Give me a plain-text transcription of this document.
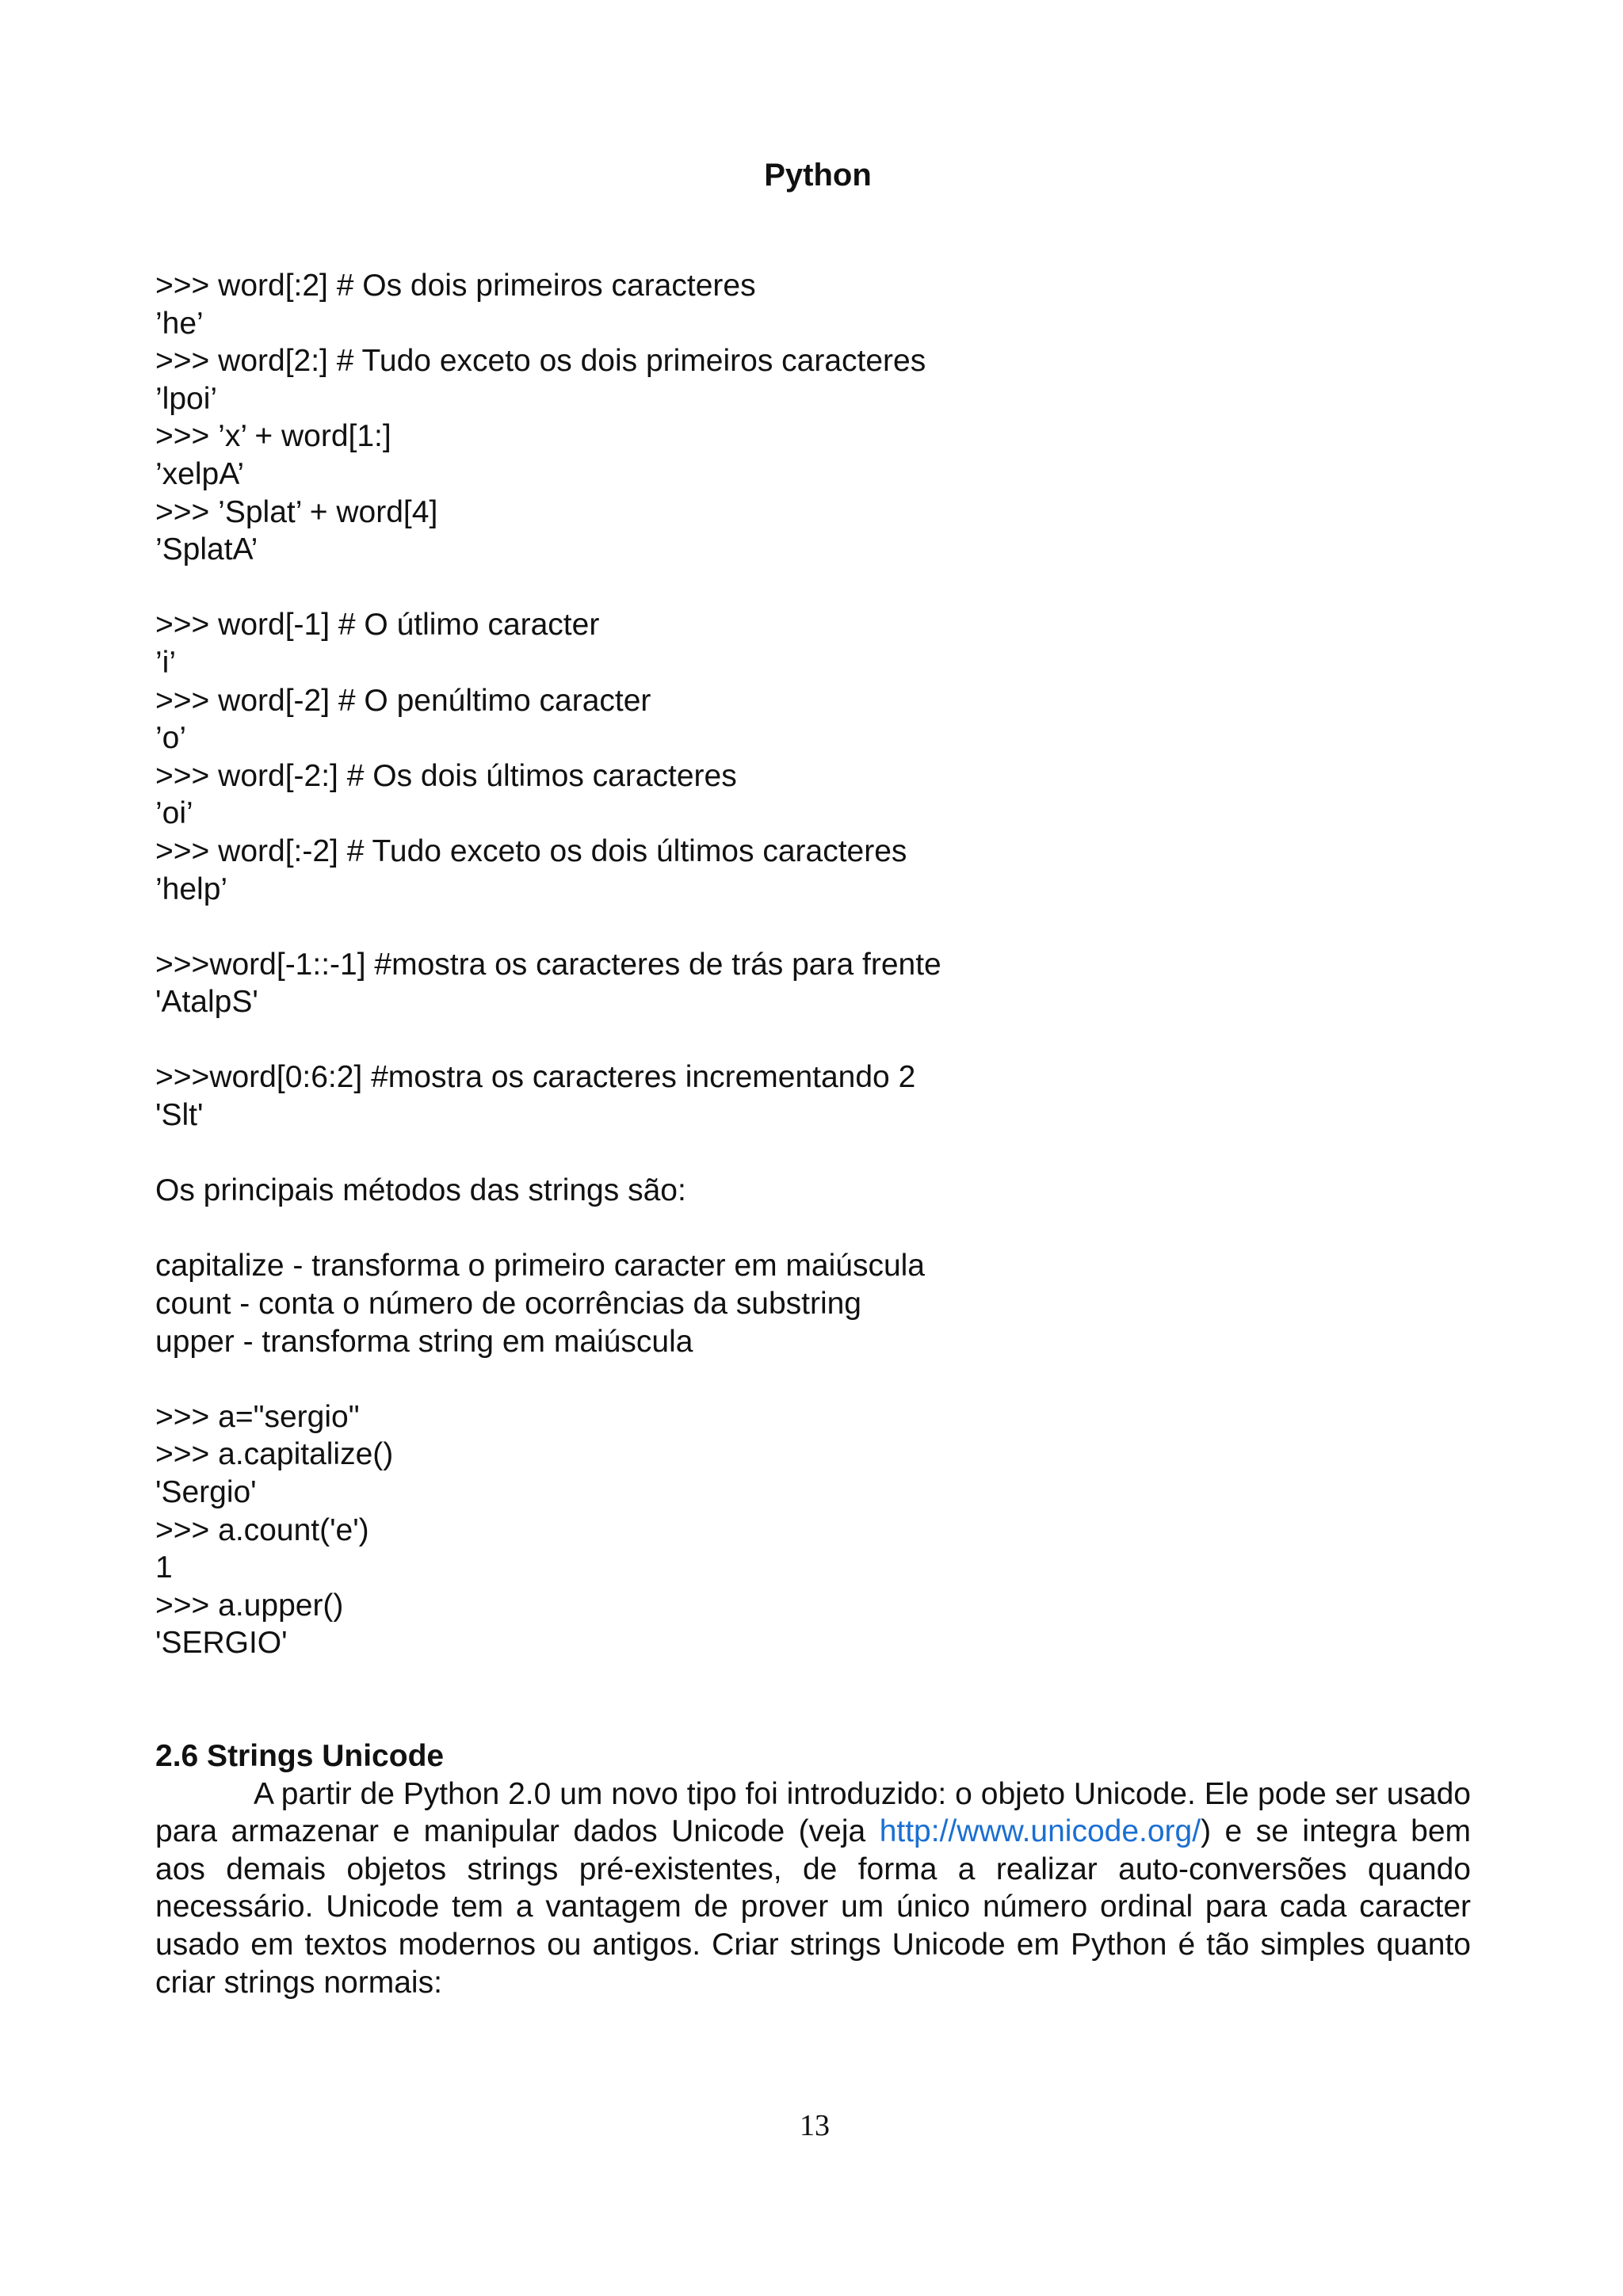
Python
>>> word[:2] # Os dois primeiros caracteres
’he’
>>> word[2:] # Tudo exceto os dois primeiros caracteres
’lpoi’
>>> ’x’ + word[1:]
’xelpA’
>>> ’Splat’ + word[4]
’SplatA’
>>> word[-1] # O útlimo caracter
’i’
>>> word[-2] # O penúltimo caracter
’o’
>>> word[-2:] # Os dois últimos caracteres
’oi’
>>> word[:-2] # Tudo exceto os dois últimos caracteres
’help’
>>>word[-1::-1] #mostra os caracteres de trás para frente
'AtalpS'
>>>word[0:6:2] #mostra os caracteres incrementando 2
'Slt'
Os principais métodos das strings são:
capitalize - transforma o primeiro caracter em maiúscula
count - conta o número de ocorrências da substring
upper - transforma string em maiúscula
>>> a="sergio"
>>> a.capitalize()
'Sergio'
>>> a.count('e')
1
>>> a.upper()
'SERGIO'
2.6 Strings Unicode

A partir de Python 2.0 um novo tipo foi introduzido: o objeto Unicode. Ele pode ser usado para armazenar e manipular dados Unicode (veja http://www.unicode.org/) e se integra bem aos demais objetos strings pré-existentes, de forma a realizar auto-conversões quando necessário. Unicode tem a vantagem de prover um único número ordinal para cada caracter usado em textos modernos ou antigos. Criar strings Unicode em Python é tão simples quanto criar strings normais:

13
